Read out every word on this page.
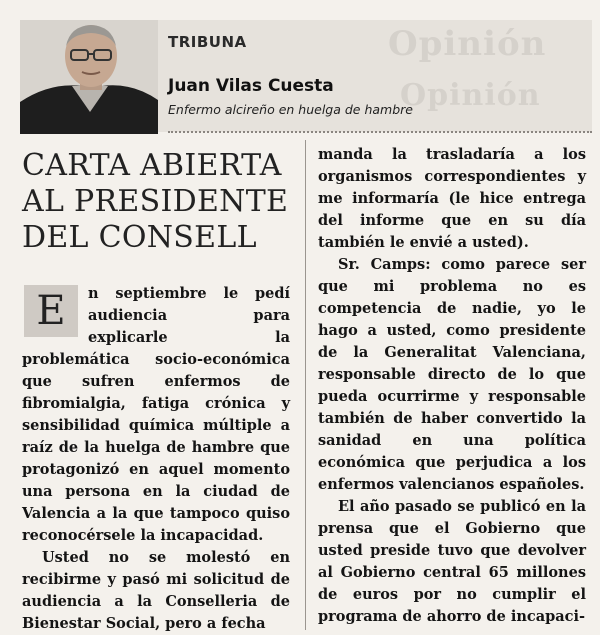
Opinión
Opinión
TRIBUNA
Juan Vilas Cuesta
Enfermo alcireño en huelga de hambre
CARTA ABIERTA AL PRESIDENTE DEL CONSELL
E	n septiembre le pedí audiencia para explicarle la problemática socio-económica que sufren enfermos de fibromialgia, fatiga crónica y sensibilidad química múltiple a raíz de la huelga de hambre que protagonizó en aquel momento una persona en la ciudad de Valencia a la que tampoco quiso reconocérsele la incapacidad.

Usted no se molestó en recibirme y pasó mi solicitud de audiencia a la Conselleria de Bienestar Social, pero a fecha

manda la trasladaría a los organismos correspondientes y me informaría (le hice entrega del informe que en su día también le envié a usted).

Sr. Camps: como parece ser que mi problema no es competencia de nadie, yo le hago a usted, como presidente de la Generalitat Valenciana, responsable directo de lo que pueda ocurrirme y responsable también de haber convertido la sanidad en una política económica que perjudica a los enfermos valencianos españoles.

El año pasado se publicó en la prensa que el Gobierno que usted preside tuvo que devolver al Gobierno central 65 millones de euros por no cumplir el programa de ahorro de incapaci-
